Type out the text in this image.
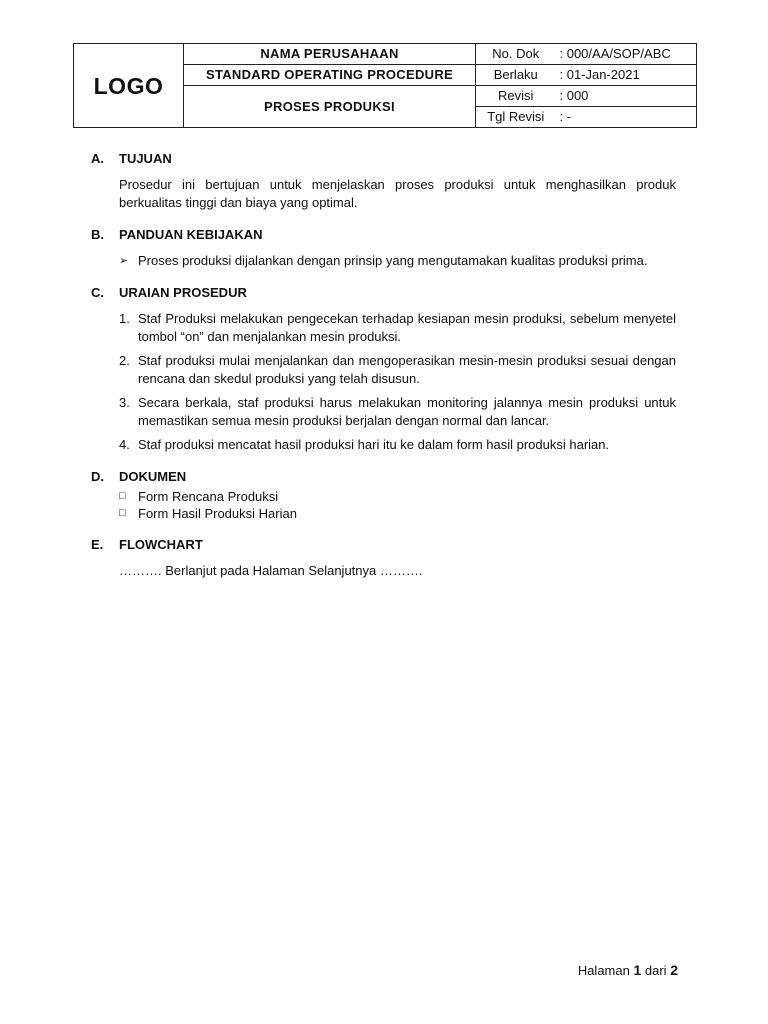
LOGO	NAMA PERUSAHAAN	No. Dok	: 000/AA/SOP/ABC
	STANDARD OPERATING PROCEDURE	Berlaku	: 01-Jan-2021
	PROSES PRODUKSI	Revisi	: 000
		Tgl Revisi	: -
A.	TUJUAN
Prosedur ini bertujuan untuk menjelaskan proses produksi untuk menghasilkan produk berkualitas tinggi dan biaya yang optimal.
B.	PANDUAN KEBIJAKAN
➢ Proses produksi dijalankan dengan prinsip yang mengutamakan kualitas produksi prima.
C.	URAIAN PROSEDUR
1. Staf Produksi melakukan pengecekan terhadap kesiapan mesin produksi, sebelum menyetel tombol “on” dan menjalankan mesin produksi.
2. Staf produksi mulai menjalankan dan mengoperasikan mesin-mesin produksi sesuai dengan rencana dan skedul produksi yang telah disusun.
3. Secara berkala, staf produksi harus melakukan monitoring jalannya mesin produksi untuk memastikan semua mesin produksi berjalan dengan normal dan lancar.
4. Staf produksi mencatat hasil produksi hari itu ke dalam form hasil produksi harian.
D.	DOKUMEN
□ Form Rencana Produksi
□ Form Hasil Produksi Harian
E.	FLOWCHART
………. Berlanjut pada Halaman Selanjutnya ……….
Halaman 1 dari 2
